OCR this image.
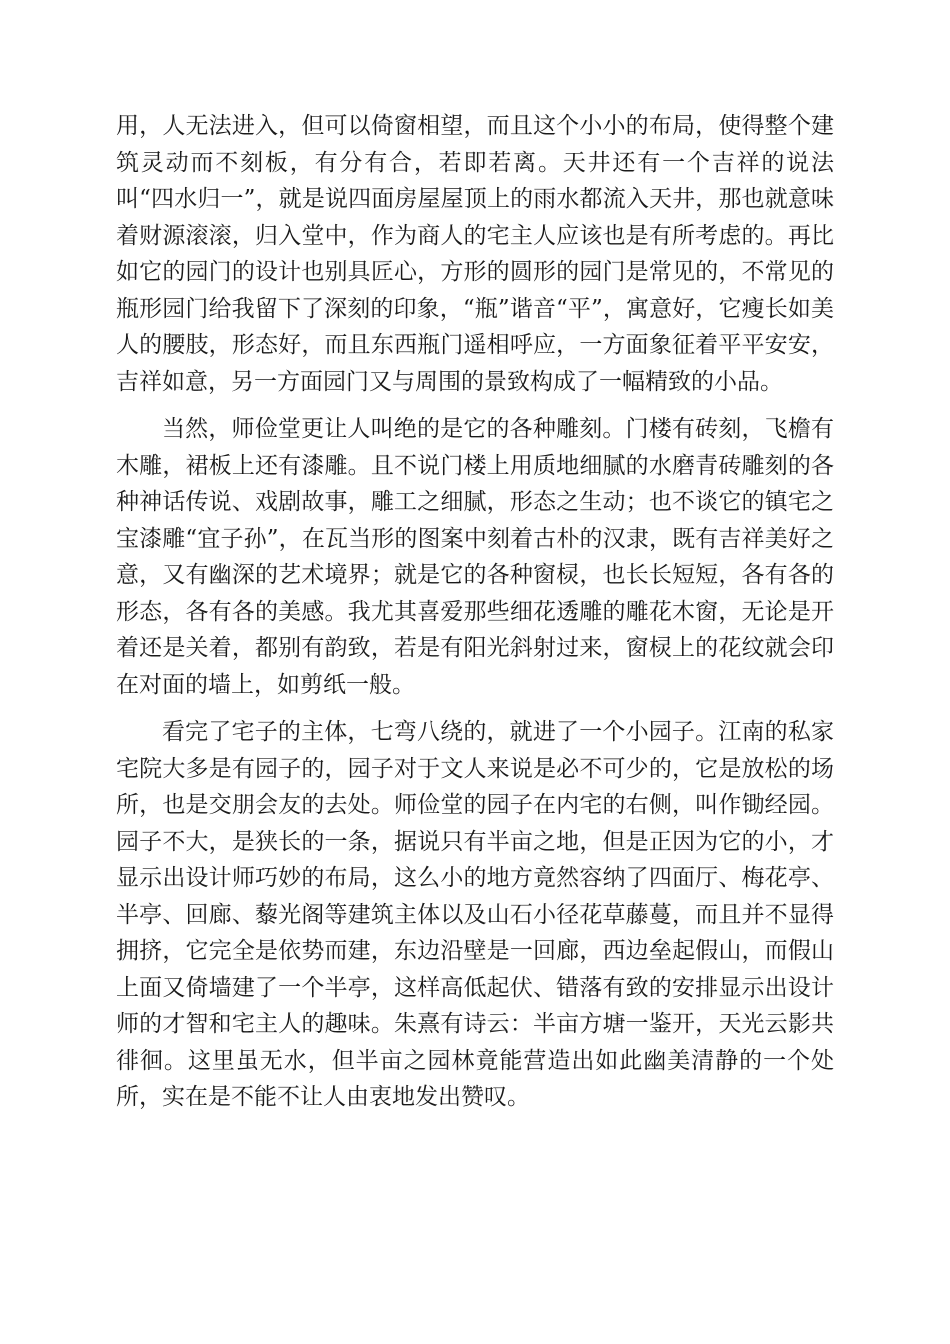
用，人无法进入，但可以倚窗相望，而且这个小小的布局，使得整个建筑灵动而不刻板，有分有合，若即若离。天井还有一个吉祥的说法叫“四水归一”，就是说四面房屋屋顶上的雨水都流入天井，那也就意味着财源滚滚，归入堂中，作为商人的宅主人应该也是有所考虑的。再比如它的园门的设计也别具匠心，方形的圆形的园门是常见的，不常见的瓶形园门给我留下了深刻的印象，“瓶”谐音“平”，寓意好，它瘦长如美人的腰肢，形态好，而且东西瓶门遥相呼应，一方面象征着平平安安，吉祥如意，另一方面园门又与周围的景致构成了一幅精致的小品。

当然，师俭堂更让人叫绝的是它的各种雕刻。门楼有砖刻，飞檐有木雕，裙板上还有漆雕。且不说门楼上用质地细腻的水磨青砖雕刻的各种神话传说、戏剧故事，雕工之细腻，形态之生动；也不谈它的镇宅之宝漆雕“宜子孙”，在瓦当形的图案中刻着古朴的汉隶，既有吉祥美好之意，又有幽深的艺术境界；就是它的各种窗棂，也长长短短，各有各的形态，各有各的美感。我尤其喜爱那些细花透雕的雕花木窗，无论是开着还是关着，都别有韵致，若是有阳光斜射过来，窗棂上的花纹就会印在对面的墙上，如剪纸一般。

看完了宅子的主体，七弯八绕的，就进了一个小园子。江南的私家宅院大多是有园子的，园子对于文人来说是必不可少的，它是放松的场所，也是交朋会友的去处。师俭堂的园子在内宅的右侧，叫作锄经园。园子不大，是狭长的一条，据说只有半亩之地，但是正因为它的小，才显示出设计师巧妙的布局，这么小的地方竟然容纳了四面厅、梅花亭、半亭、回廊、藜光阁等建筑主体以及山石小径花草藤蔓，而且并不显得拥挤，它完全是依势而建，东边沿壁是一回廊，西边垒起假山，而假山上面又倚墙建了一个半亭，这样高低起伏、错落有致的安排显示出设计师的才智和宅主人的趣味。朱熹有诗云：半亩方塘一鉴开，天光云影共徘徊。这里虽无水，但半亩之园林竟能营造出如此幽美清静的一个处所，实在是不能不让人由衷地发出赞叹。
